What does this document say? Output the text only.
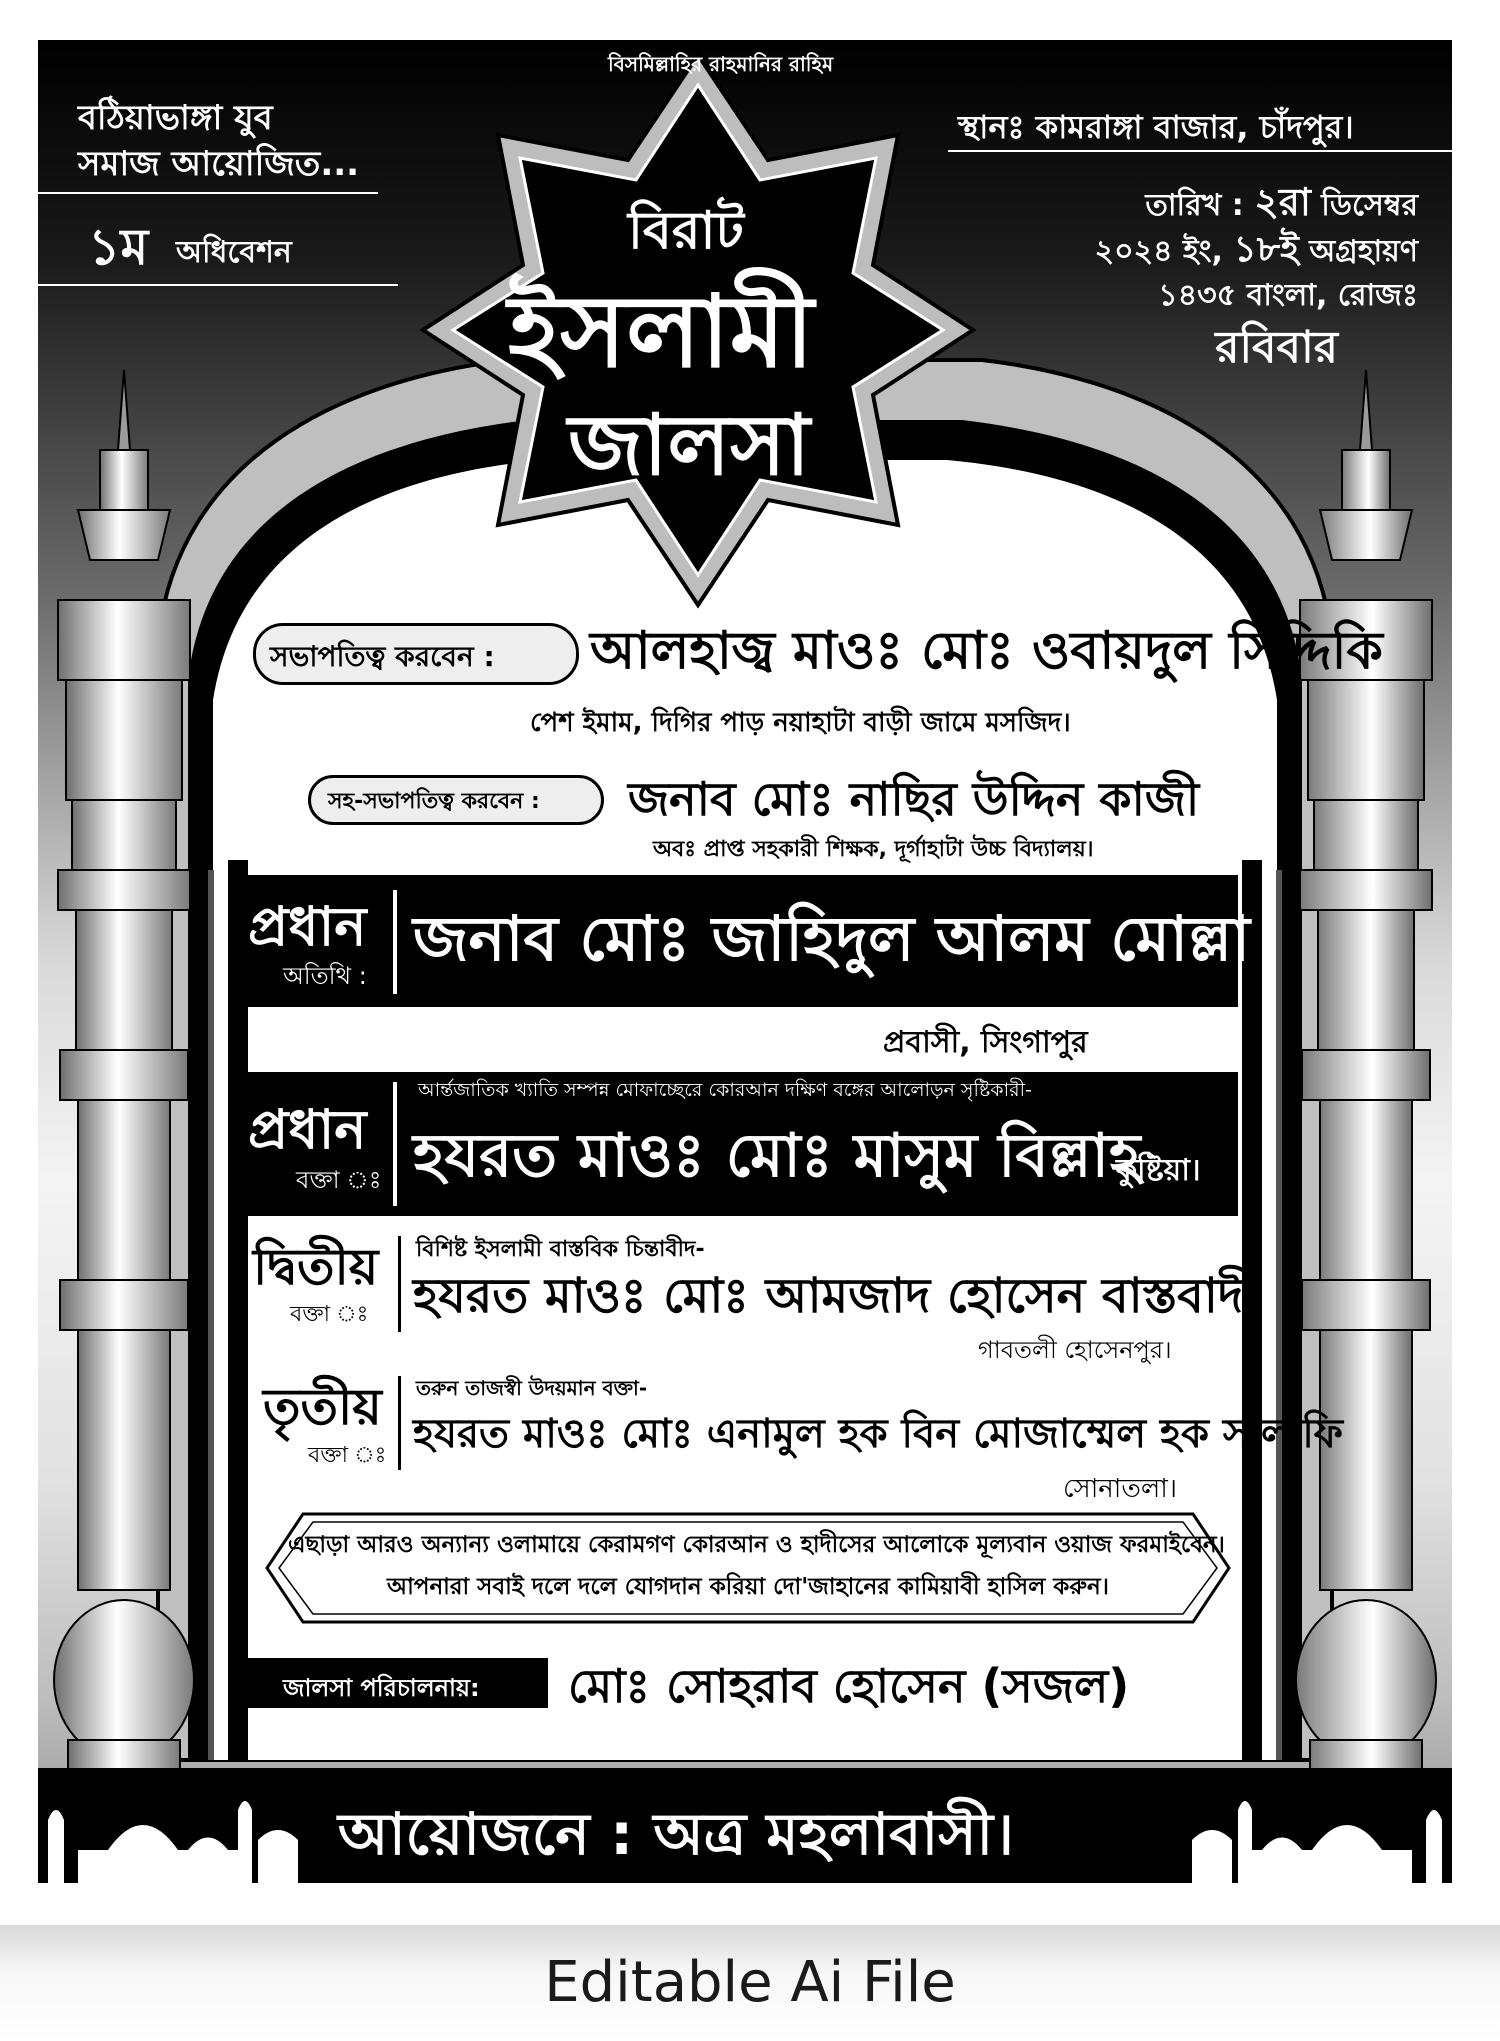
বিসমিল্লাহির রাহমানির রাহিম
বঠিয়াভাঙ্গা যুব
সমাজ আয়োজিত...
১ম অধিবেশন
স্থানঃ কামরাঙ্গা বাজার, চাঁদপুর।
তারিখ : ২রা ডিসেম্বর
২০২৪ ইং, ১৮ই অগ্রহায়ণ
১৪৩৫ বাংলা, রোজঃ
রবিবার
বিরাট
ইসলামী
জালসা
সভাপতিত্ব করবেন : আলহাজ্ব মাওঃ মোঃ ওবায়দুল সিদ্দিকি
পেশ ইমাম, দিগির পাড় নয়াহাটা বাড়ী জামে মসজিদ।
সহ-সভাপতিত্ব করবেন : জনাব মোঃ নাছির উদ্দিন কাজী
অবঃ প্রাপ্ত সহকারী শিক্ষক, দূর্গাহাটা উচ্চ বিদ্যালয়।
প্রধান
অতিথি :
জনাব মোঃ জাহিদুল আলম মোল্লা
প্রবাসী, সিংগাপুর
প্রধান
বক্তা ঃ
আর্ন্তজাতিক খ্যাতি সম্পন্ন মোফাচ্ছেরে কোরআন দক্ষিণ বঙ্গের আলোড়ন সৃষ্টিকারী-
হযরত মাওঃ মোঃ মাসুম বিল্লাহ
কুষ্টিয়া।
দ্বিতীয়
বক্তা ঃ
বিশিষ্ট ইসলামী বাস্তবিক চিন্তাবীদ-
হযরত মাওঃ মোঃ আমজাদ হোসেন বাস্তবাদী
গাবতলী হোসেনপুর।
তৃতীয়
বক্তা ঃ
তরুন তাজস্বী উদয়মান বক্তা-
হযরত মাওঃ মোঃ এনামুল হক বিন মোজাম্মেল হক সালাফি
সোনাতলা।
এছাড়া আরও অন্যান্য ওলামায়ে কেরামগণ কোরআন ও হাদীসের আলোকে মূল্যবান ওয়াজ ফরমাইবেন।
আপনারা সবাই দলে দলে যোগদান করিয়া দো'জাহানের কামিয়াবী হাসিল করুন।
জালসা পরিচালনায়: মোঃ সোহরাব হোসেন (সজল)
আয়োজনে : অত্র মহলাবাসী।
Editable Ai File
